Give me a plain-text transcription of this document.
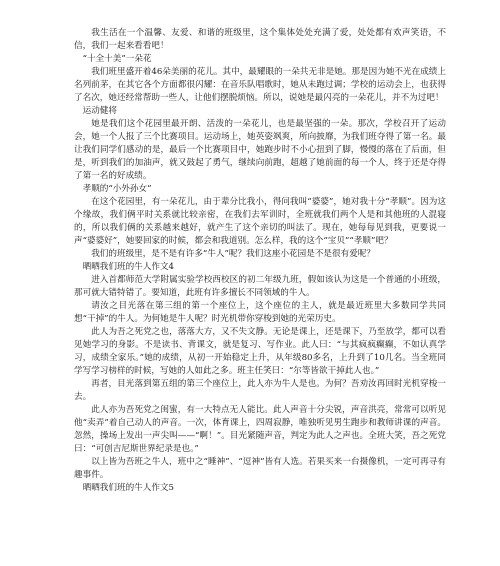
我生活在一个温馨、友爱、和谐的班级里，这个集体处处充满了爱，处处都有欢声笑语，不信，我们一起来看看吧！

“十全十美”一朵花

我们班里盛开着46朵美丽的花儿。其中，最耀眼的一朵共无非是她。那是因为她不光在成绩上名列前茅，在其它各个方面都很闪耀：在音乐队唱歌时，她从未跑过调；学校的运动会上，也获得了名次，她还经常帮助一些人，让他们摆脱烦恼。所以，说她是最闪亮的一朵花儿，并不为过吧！

运动健将

她是我们这个花园里最开朗、活泼的一朵花儿，也是最坚强的一朵。那次，学校召开了运动会，她一个人报了三个比赛项目。运动场上，她英姿飒爽，所向披靡，为我们班夺得了第一名。最让我们同学们感动的是，最后一个比赛项目中，她跑步时不小心扭到了脚，慢慢的落在了后面，但是，听到我们的加油声，就又鼓起了勇气，继续向前跑，超越了她前面的每一个人，终于还是夺得了第一名的好成绩。

孝顺的“小外孙女”

在这个花园里，有一朵花儿，由于辈分比我小，得问我叫“婆婆”，她对我十分“孝顺”。因为这个缘故，我们俩平时关系就比较亲密，在我们去军训时，全班就我们两个人是和其他班的人混寝的，所以我们俩的关系越来越好，就产生了这个亲切的叫法了。现在，她每每见到我，更要说一声“婆婆好”，她要回家的时候，都会和我道别。怎么样，我的这个“宝贝”“孝顺”吧？

我们的班级里，是不是有许多“牛人”呢？我们这座小花园是不是很有爱呢？

晒晒我们班的牛人作文4

进入首都师范大学附属实验学校西校区的初二年级九班，假如该认为这是一个普通的小班级，那可就大错特错了。要知道，此班有许多擅长不同领域的牛人。

请汝之目光落在第三组的第一个座位上，这个座位的主人，就是最近班里大多数同学共同想“干掉”的牛人。为何她是牛人呢？时光机带你穿梭到她的光荣历史。

此人为吾之死党之也，落落大方，又不失文静。无论是课上，还是课下，乃至放学，都可以看见她学习的身影。不是读书、背课文，就是复习、写作业。此人曰：“与其疯疯癫癫，不如认真学习，成绩全家乐。”她的成绩，从初一开始稳定上升，从年级80多名，上升到了10几名。当全班同学写学习榜样的时候，写她的人如此之多。班主任笑曰：“尔等皆欲干掉此人也。”

再者，目光落到第五组的第三个座位上，此人亦为牛人是也。为何？吾劝汝再回时光机穿梭一去。

此人亦为吾死党之闺蜜，有一大特点无人能比。此人声音十分尖锐，声音洪亮，常常可以听见他“卖弄”着自己动人的声音。一次，体育课上，四周寂静，唯独听见男生跑步和教师讲课的声音。忽然，操场上发出一声尖叫——“啊！”。目光紧随声音，判定为此人之声也。全班大笑，吾之死党曰：“可创吉尼斯世界纪录是也。”

以上皆为吾班之牛人，班中之“睡神”、“逗神”皆有人选。若果买来一台摄像机，一定可再寻有趣事件。

晒晒我们班的牛人作文5
